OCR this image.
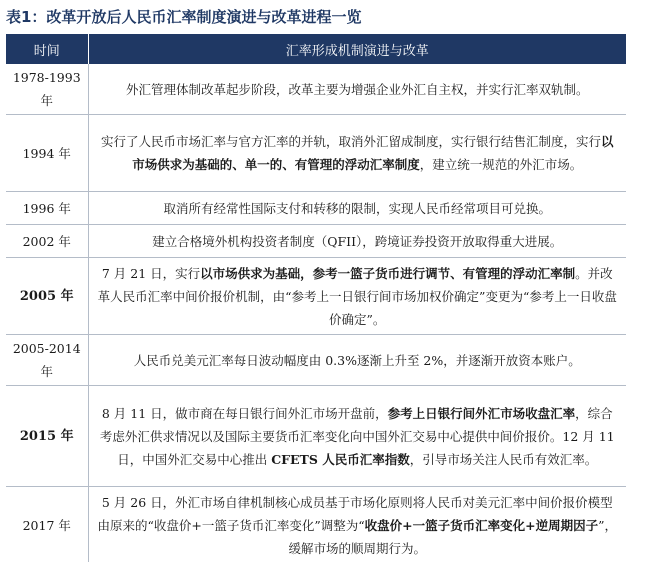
表1：改革开放后人民币汇率制度演进与改革进程一览
时间	汇率形成机制演进与改革
1978-1993年	外汇管理体制改革起步阶段，改革主要为增强企业外汇自主权，并实行汇率双轨制。
1994 年	实行了人民币市场汇率与官方汇率的并轨，取消外汇留成制度，实行银行结售汇制度，实行以市场供求为基础的、单一的、有管理的浮动汇率制度，建立统一规范的外汇市场。
1996 年	取消所有经常性国际支付和转移的限制，实现人民币经常项目可兑换。
2002 年	建立合格境外机构投资者制度（QFII），跨境证券投资开放取得重大进展。
2005 年	7 月 21 日，实行以市场供求为基础，参考一篮子货币进行调节、有管理的浮动汇率制。并改革人民币汇率中间价报价机制，由“参考上一日银行间市场加权价确定”变更为“参考上一日收盘价确定”。
2005-2014年	人民币兑美元汇率每日波动幅度由 0.3%逐渐上升至 2%，并逐渐开放资本账户。
2015 年	8 月 11 日，做市商在每日银行间外汇市场开盘前，参考上日银行间外汇市场收盘汇率，综合考虑外汇供求情况以及国际主要货币汇率变化向中国外汇交易中心提供中间价报价。12 月 11 日，中国外汇交易中心推出 CFETS 人民币汇率指数，引导市场关注人民币有效汇率。
2017 年	5 月 26 日，外汇市场自律机制核心成员基于市场化原则将人民币对美元汇率中间价报价模型由原来的“收盘价+一篮子货币汇率变化”调整为“收盘价+一篮子货币汇率变化+逆周期因子”，缓解市场的顺周期行为。
